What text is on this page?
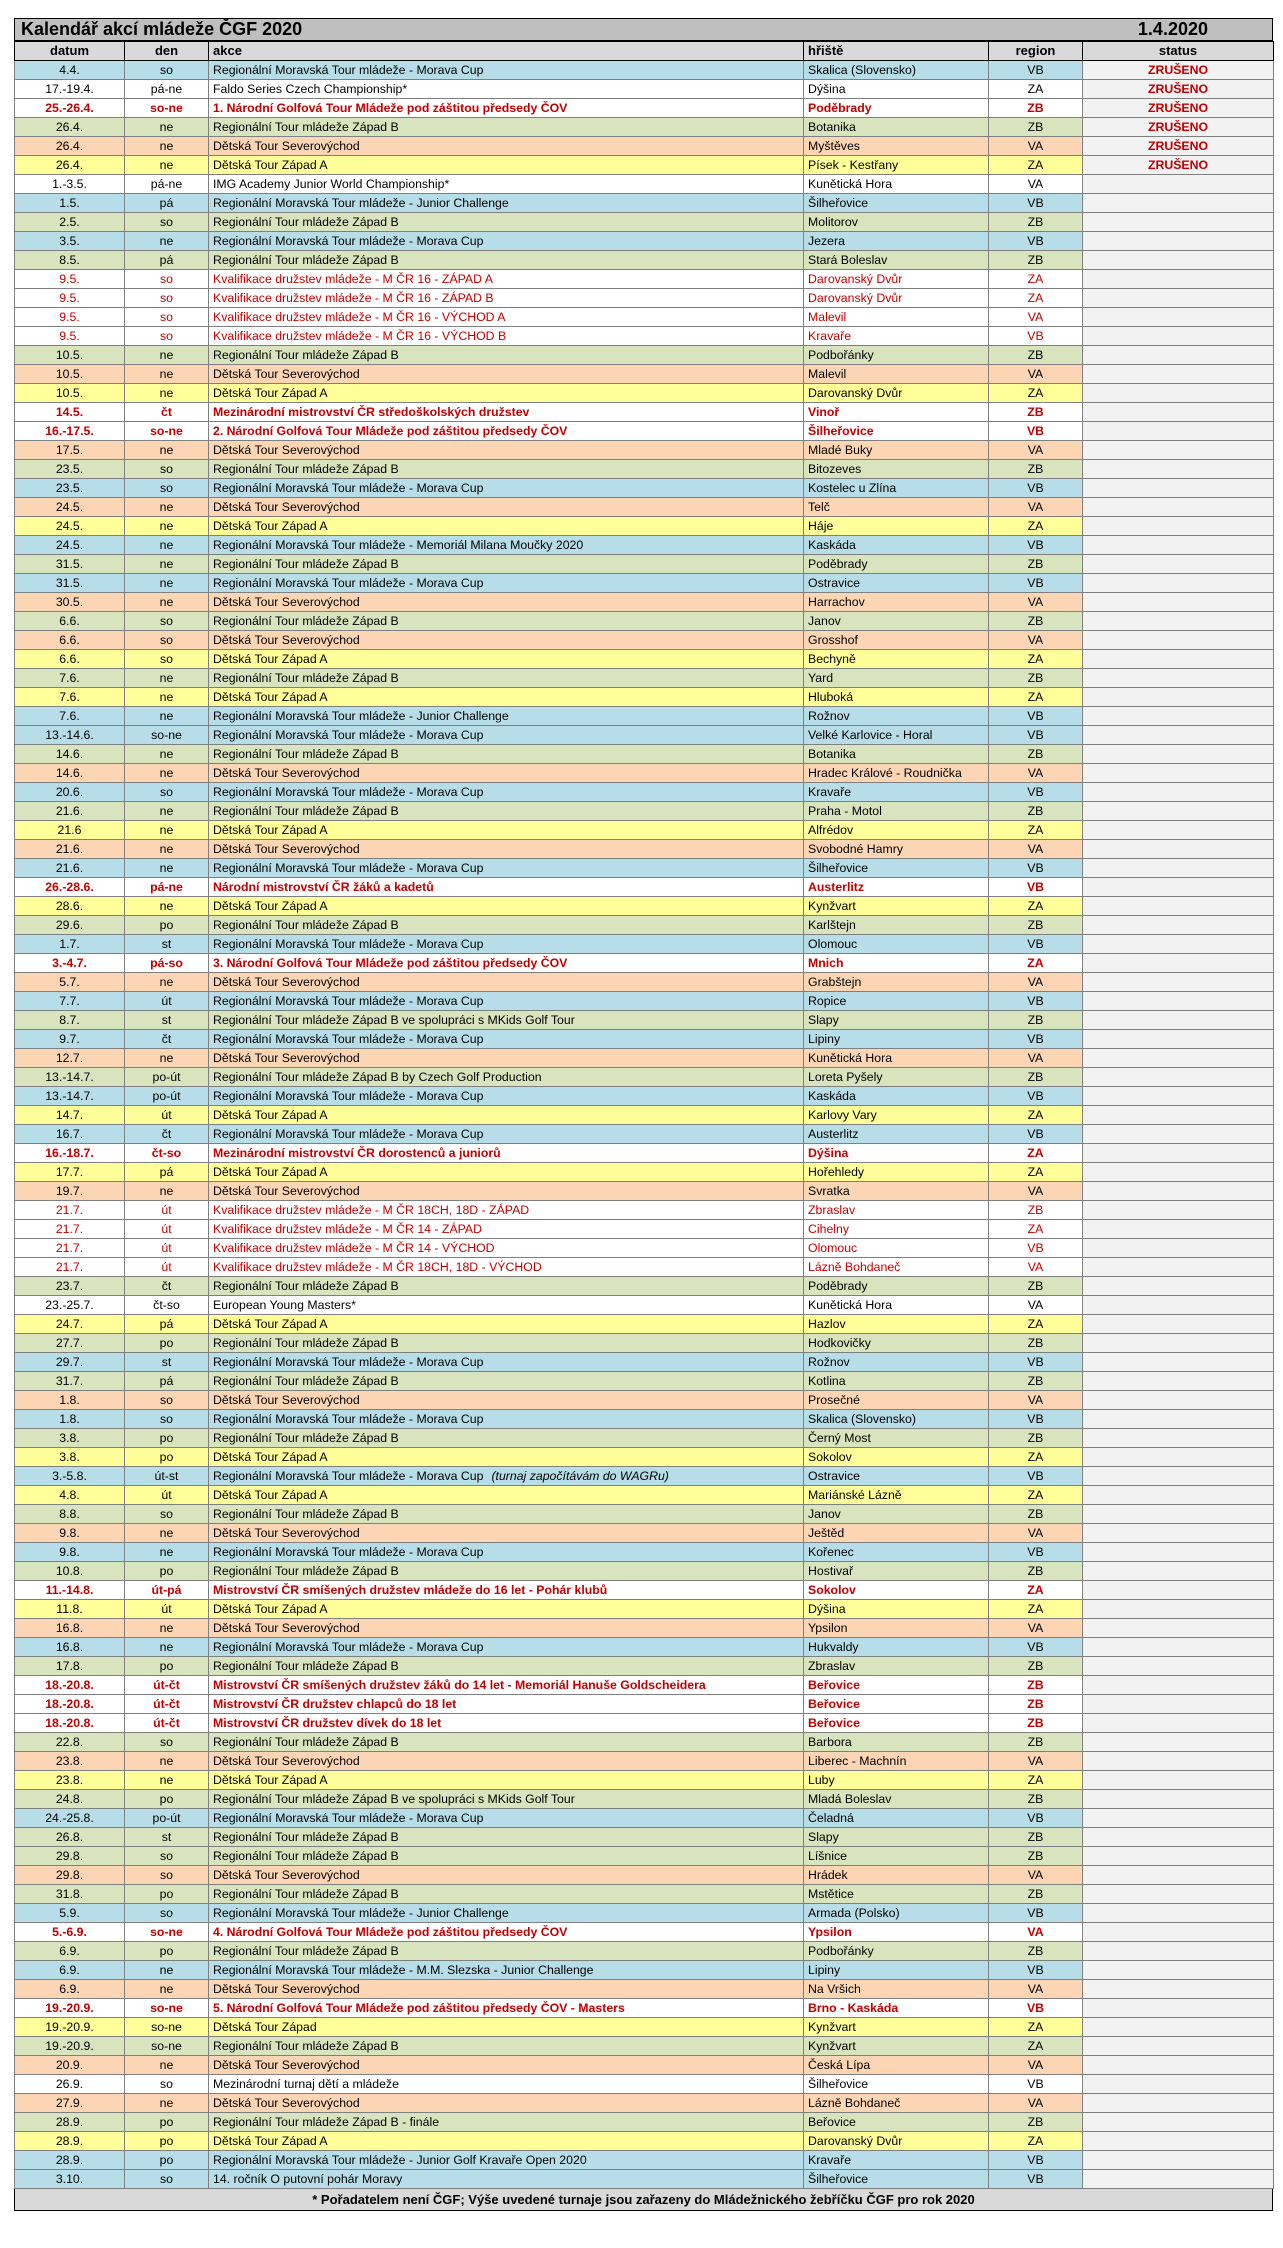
Kalendář akcí mládeže ČGF 2020	1.4.2020
datum	den	akce	hřiště	region	status
4.4.	so	Regionální Moravská Tour mládeže - Morava Cup	Skalica (Slovensko)	VB	ZRUŠENO
17.-19.4.	pá-ne	Faldo Series Czech Championship*	Dýšina	ZA	ZRUŠENO
25.-26.4.	so-ne	1. Národní Golfová Tour Mládeže pod záštitou předsedy ČOV	Poděbrady	ZB	ZRUŠENO
26.4.	ne	Regionální Tour mládeže Západ B	Botanika	ZB	ZRUŠENO
26.4.	ne	Dětská Tour Severovýchod	Myštěves	VA	ZRUŠENO
26.4.	ne	Dětská Tour Západ A	Písek - Kestřany	ZA	ZRUŠENO
1.-3.5.	pá-ne	IMG Academy Junior World Championship*	Kunětická Hora	VA	
1.5.	pá	Regionální Moravská Tour mládeže - Junior Challenge	Šilheřovice	VB	
2.5.	so	Regionální Tour mládeže Západ B	Molitorov	ZB	
3.5.	ne	Regionální Moravská Tour mládeže - Morava Cup	Jezera	VB	
8.5.	pá	Regionální Tour mládeže Západ B	Stará Boleslav	ZB	
9.5.	so	Kvalifikace družstev mládeže - M ČR 16 - ZÁPAD A	Darovanský Dvůr	ZA	
9.5.	so	Kvalifikace družstev mládeže - M ČR 16 - ZÁPAD B	Darovanský Dvůr	ZA	
9.5.	so	Kvalifikace družstev mládeže - M ČR 16 - VÝCHOD A	Malevil	VA	
9.5.	so	Kvalifikace družstev mládeže - M ČR 16 - VÝCHOD B	Kravaře	VB	
10.5.	ne	Regionální Tour mládeže Západ B	Podbořánky	ZB	
10.5.	ne	Dětská Tour Severovýchod	Malevil	VA	
10.5.	ne	Dětská Tour Západ A	Darovanský Dvůr	ZA	
14.5.	čt	Mezinárodní mistrovství ČR středoškolských družstev	Vinoř	ZB	
16.-17.5.	so-ne	2. Národní Golfová Tour Mládeže pod záštitou předsedy ČOV	Šilheřovice	VB	
17.5.	ne	Dětská Tour Severovýchod	Mladé Buky	VA	
23.5.	so	Regionální Tour mládeže Západ B	Bitozeves	ZB	
23.5.	so	Regionální Moravská Tour mládeže - Morava Cup	Kostelec u Zlína	VB	
24.5.	ne	Dětská Tour Severovýchod	Telč	VA	
24.5.	ne	Dětská Tour Západ A	Háje	ZA	
24.5.	ne	Regionální Moravská Tour mládeže - Memoriál Milana Moučky 2020	Kaskáda	VB	
31.5.	ne	Regionální Tour mládeže Západ B	Poděbrady	ZB	
31.5.	ne	Regionální Moravská Tour mládeže - Morava Cup	Ostravice	VB	
30.5.	ne	Dětská Tour Severovýchod	Harrachov	VA	
6.6.	so	Regionální Tour mládeže Západ B	Janov	ZB	
6.6.	so	Dětská Tour Severovýchod	Grosshof	VA	
6.6.	so	Dětská Tour Západ A	Bechyně	ZA	
7.6.	ne	Regionální Tour mládeže Západ B	Yard	ZB	
7.6.	ne	Dětská Tour Západ A	Hluboká	ZA	
7.6.	ne	Regionální Moravská Tour mládeže - Junior Challenge	Rožnov	VB	
13.-14.6.	so-ne	Regionální Moravská Tour mládeže - Morava Cup	Velké Karlovice - Horal	VB	
14.6.	ne	Regionální Tour mládeže Západ B	Botanika	ZB	
14.6.	ne	Dětská Tour Severovýchod	Hradec Králové - Roudnička	VA	
20.6.	so	Regionální Moravská Tour mládeže - Morava Cup	Kravaře	VB	
21.6.	ne	Regionální Tour mládeže Západ B	Praha - Motol	ZB	
21.6	ne	Dětská Tour Západ A	Alfrédov	ZA	
21.6.	ne	Dětská Tour Severovýchod	Svobodné Hamry	VA	
21.6.	ne	Regionální Moravská Tour mládeže - Morava Cup	Šilheřovice	VB	
26.-28.6.	pá-ne	Národní mistrovství ČR žáků a kadetů	Austerlitz	VB	
28.6.	ne	Dětská Tour Západ A	Kynžvart	ZA	
29.6.	po	Regionální Tour mládeže Západ B	Karlštejn	ZB	
1.7.	st	Regionální Moravská Tour mládeže - Morava Cup	Olomouc	VB	
3.-4.7.	pá-so	3. Národní Golfová Tour Mládeže pod záštitou předsedy ČOV	Mnich	ZA	
5.7.	ne	Dětská Tour Severovýchod	Grabštejn	VA	
7.7.	út	Regionální Moravská Tour mládeže - Morava Cup	Ropice	VB	
8.7.	st	Regionální Tour mládeže Západ B ve spolupráci s MKids Golf Tour	Slapy	ZB	
9.7.	čt	Regionální Moravská Tour mládeže - Morava Cup	Lipiny	VB	
12.7.	ne	Dětská Tour Severovýchod	Kunětická Hora	VA	
13.-14.7.	po-út	Regionální Tour mládeže Západ B by Czech Golf Production	Loreta Pyšely	ZB	
13.-14.7.	po-út	Regionální Moravská Tour mládeže - Morava Cup	Kaskáda	VB	
14.7.	út	Dětská Tour Západ A	Karlovy Vary	ZA	
16.7.	čt	Regionální Moravská Tour mládeže - Morava Cup	Austerlitz	VB	
16.-18.7.	čt-so	Mezinárodní mistrovství ČR dorostenců a juniorů	Dýšina	ZA	
17.7.	pá	Dětská Tour Západ A	Hořehledy	ZA	
19.7.	ne	Dětská Tour Severovýchod	Svratka	VA	
21.7.	út	Kvalifikace družstev mládeže - M ČR 18CH, 18D - ZÁPAD	Zbraslav	ZB	
21.7.	út	Kvalifikace družstev mládeže - M ČR 14 - ZÁPAD	Cihelny	ZA	
21.7.	út	Kvalifikace družstev mládeže - M ČR 14 - VÝCHOD	Olomouc	VB	
21.7.	út	Kvalifikace družstev mládeže - M ČR 18CH, 18D - VÝCHOD	Lázně Bohdaneč	VA	
23.7.	čt	Regionální Tour mládeže Západ B	Poděbrady	ZB	
23.-25.7.	čt-so	European Young Masters*	Kunětická Hora	VA	
24.7.	pá	Dětská Tour Západ A	Hazlov	ZA	
27.7.	po	Regionální Tour mládeže Západ B	Hodkovičky	ZB	
29.7.	st	Regionální Moravská Tour mládeže - Morava Cup	Rožnov	VB	
31.7.	pá	Regionální Tour mládeže Západ B	Kotlina	ZB	
1.8.	so	Dětská Tour Severovýchod	Prosečné	VA	
1.8.	so	Regionální Moravská Tour mládeže - Morava Cup	Skalica (Slovensko)	VB	
3.8.	po	Regionální Tour mládeže Západ B	Černý Most	ZB	
3.8.	po	Dětská Tour Západ A	Sokolov	ZA	
3.-5.8.	út-st	Regionální Moravská Tour mládeže - Morava Cup (turnaj započítávám do WAGRu)	Ostravice	VB	
4.8.	út	Dětská Tour Západ A	Mariánské Lázně	ZA	
8.8.	so	Regionální Tour mládeže Západ B	Janov	ZB	
9.8.	ne	Dětská Tour Severovýchod	Ještěd	VA	
9.8.	ne	Regionální Moravská Tour mládeže - Morava Cup	Kořenec	VB	
10.8.	po	Regionální Tour mládeže Západ B	Hostivař	ZB	
11.-14.8.	út-pá	Mistrovství ČR smíšených družstev mládeže do 16 let - Pohár klubů	Sokolov	ZA	
11.8.	út	Dětská Tour Západ A	Dýšina	ZA	
16.8.	ne	Dětská Tour Severovýchod	Ypsilon	VA	
16.8.	ne	Regionální Moravská Tour mládeže - Morava Cup	Hukvaldy	VB	
17.8.	po	Regionální Tour mládeže Západ B	Zbraslav	ZB	
18.-20.8.	út-čt	Mistrovství ČR smíšených družstev žáků do 14 let - Memoriál Hanuše Goldscheidera	Beřovice	ZB	
18.-20.8.	út-čt	Mistrovství ČR družstev chlapců do 18 let	Beřovice	ZB	
18.-20.8.	út-čt	Mistrovství ČR družstev dívek do 18 let	Beřovice	ZB	
22.8.	so	Regionální Tour mládeže Západ B	Barbora	ZB	
23.8.	ne	Dětská Tour Severovýchod	Liberec - Machnín	VA	
23.8.	ne	Dětská Tour Západ A	Luby	ZA	
24.8.	po	Regionální Tour mládeže Západ B ve spolupráci s MKids Golf Tour	Mladá Boleslav	ZB	
24.-25.8.	po-út	Regionální Moravská Tour mládeže - Morava Cup	Čeladná	VB	
26.8.	st	Regionální Tour mládeže Západ B	Slapy	ZB	
29.8.	so	Regionální Tour mládeže Západ B	Líšnice	ZB	
29.8.	so	Dětská Tour Severovýchod	Hrádek	VA	
31.8.	po	Regionální Tour mládeže Západ B	Mstětice	ZB	
5.9.	so	Regionální Moravská Tour mládeže - Junior Challenge	Armada (Polsko)	VB	
5.-6.9.	so-ne	4. Národní Golfová Tour Mládeže pod záštitou předsedy ČOV	Ypsilon	VA	
6.9.	po	Regionální Tour mládeže Západ B	Podbořánky	ZB	
6.9.	ne	Regionální Moravská Tour mládeže - M.M. Slezska - Junior Challenge	Lipiny	VB	
6.9.	ne	Dětská Tour Severovýchod	Na Vršich	VA	
19.-20.9.	so-ne	5. Národní Golfová Tour Mládeže pod záštitou předsedy ČOV - Masters	Brno - Kaskáda	VB	
19.-20.9.	so-ne	Dětská Tour Západ	Kynžvart	ZA	
19.-20.9.	so-ne	Regionální Tour mládeže Západ B	Kynžvart	ZA	
20.9.	ne	Dětská Tour Severovýchod	Česká Lípa	VA	
26.9.	so	Mezinárodní turnaj dětí a mládeže	Šilheřovice	VB	
27.9.	ne	Dětská Tour Severovýchod	Lázně Bohdaneč	VA	
28.9.	po	Regionální Tour mládeže Západ B - finále	Beřovice	ZB	
28.9.	po	Dětská Tour Západ A	Darovanský Dvůr	ZA	
28.9.	po	Regionální Moravská Tour mládeže - Junior Golf Kravaře Open 2020	Kravaře	VB	
3.10.	so	14. ročník O putovní pohár Moravy	Šilheřovice	VB	
* Pořadatelem není ČGF; Výše uvedené turnaje jsou zařazeny do Mládežnického žebříčku ČGF pro rok 2020
